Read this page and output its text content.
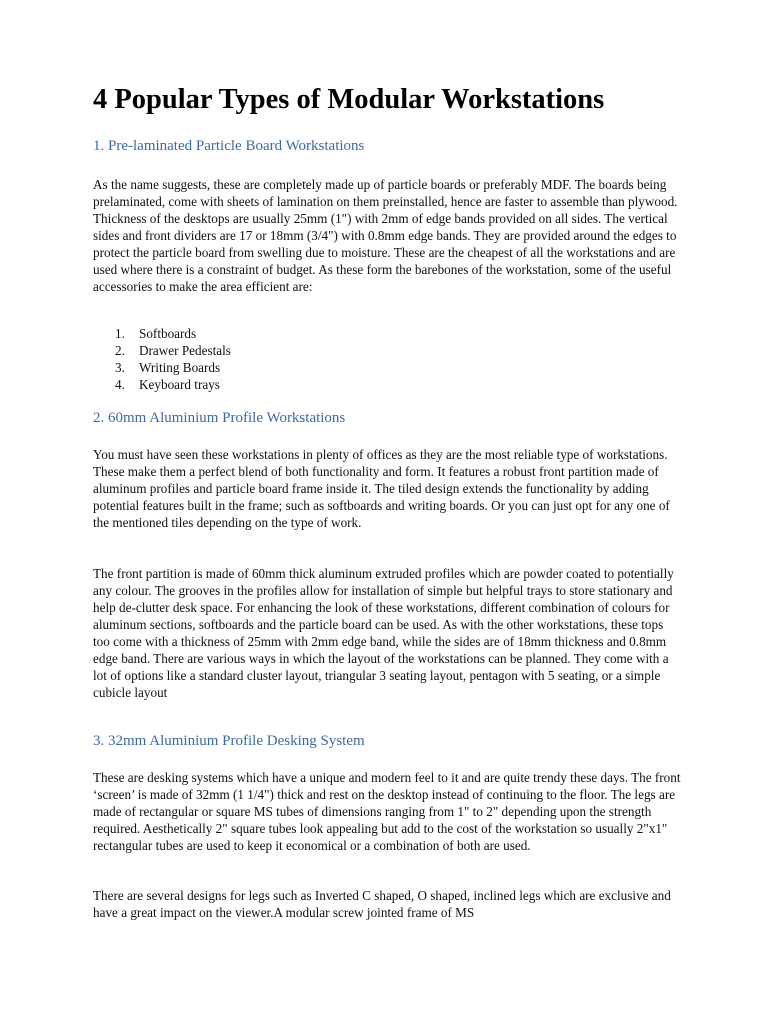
4 Popular Types of Modular Workstations
1. Pre-laminated Particle Board Workstations

As the name suggests, these are completely made up of particle boards or preferably MDF. The boards being prelaminated, come with sheets of lamination on them preinstalled, hence are faster to assemble than plywood. Thickness of the desktops are usually 25mm (1") with 2mm of edge bands provided on all sides. The vertical sides and front dividers are 17 or 18mm (3/4") with 0.8mm edge bands. They are provided around the edges to protect the particle board from swelling due to moisture. These are the cheapest of all the workstations and are used where there is a constraint of budget. As these form the barebones of the workstation, some of the useful accessories to make the area efficient are:

1. Softboards
2. Drawer Pedestals
3. Writing Boards
4. Keyboard trays
2. 60mm Aluminium Profile Workstations

You must have seen these workstations in plenty of offices as they are the most reliable type of workstations. These make them a perfect blend of both functionality and form. It features a robust front partition made of aluminum profiles and particle board frame inside it. The tiled design extends the functionality by adding potential features built in the frame; such as softboards and writing boards. Or you can just opt for any one of the mentioned tiles depending on the type of work.

The front partition is made of 60mm thick aluminum extruded profiles which are powder coated to potentially any colour. The grooves in the profiles allow for installation of simple but helpful trays to store stationary and help de-clutter desk space. For enhancing the look of these workstations, different combination of colours for aluminum sections, softboards and the particle board can be used. As with the other workstations, these tops too come with a thickness of 25mm with 2mm edge band, while the sides are of 18mm thickness and 0.8mm edge band. There are various ways in which the layout of the workstations can be planned. They come with a lot of options like a standard cluster layout, triangular 3 seating layout, pentagon with 5 seating, or a simple cubicle layout

3. 32mm Aluminium Profile Desking System

These are desking systems which have a unique and modern feel to it and are quite trendy these days. The front ‘screen’ is made of 32mm (1 1/4") thick and rest on the desktop instead of continuing to the floor. The legs are made of rectangular or square MS tubes of dimensions ranging from 1" to 2" depending upon the strength required. Aesthetically 2" square tubes look appealing but add to the cost of the workstation so usually 2"x1" rectangular tubes are used to keep it economical or a combination of both are used.

There are several designs for legs such as Inverted C shaped, O shaped, inclined legs which are exclusive and have a great impact on the viewer.A modular screw jointed frame of MS
